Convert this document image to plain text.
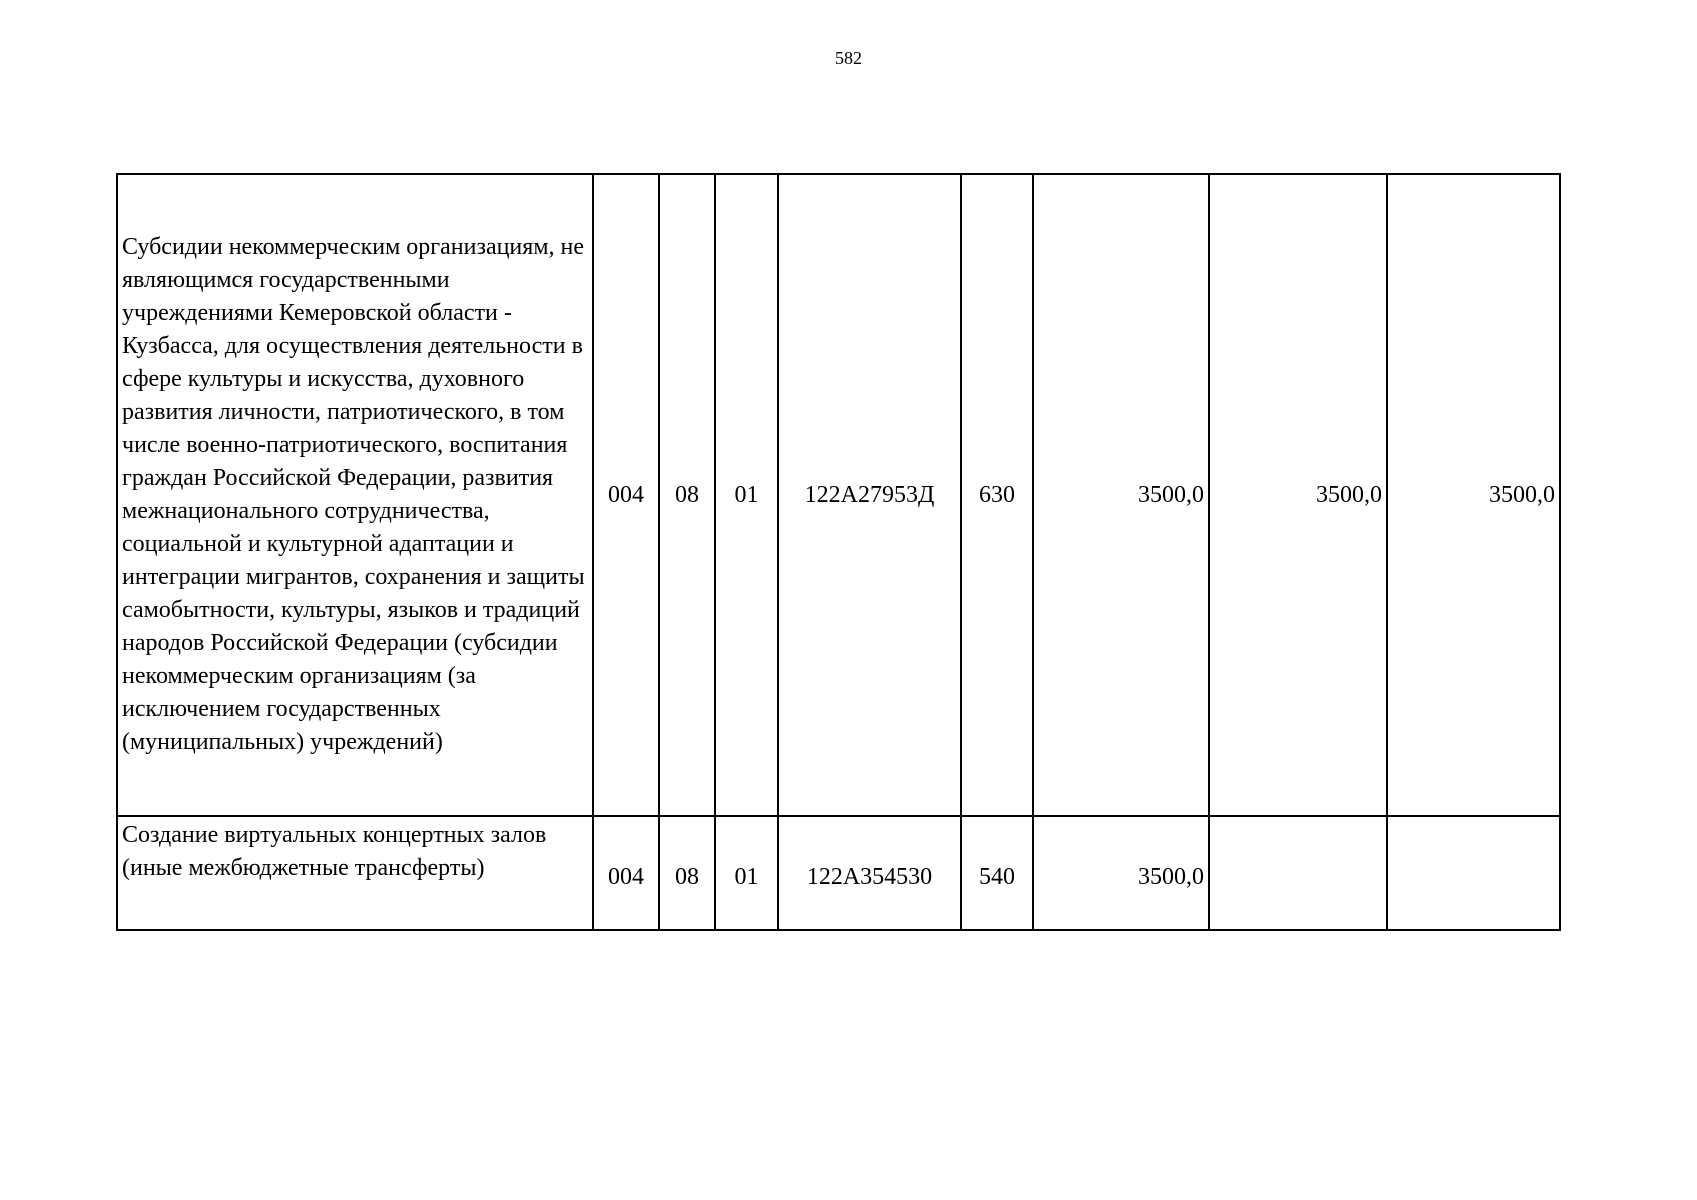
582
Субсидии некоммерческим организациям, не являющимся государственными учреждениями Кемеровской области - Кузбасса, для осуществления деятельности в сфере культуры и искусства, духовного развития личности, патриотического, в том числе военно-патриотического, воспитания граждан Российской Федерации, развития межнационального сотрудничества, социальной и культурной адаптации и интеграции мигрантов, сохранения и защиты самобытности, культуры, языков и традиций народов Российской Федерации (субсидии некоммерческим организациям (за исключением государственных (муниципальных) учреждений)	004	08	01	122А27953Д	630	3500,0	3500,0	3500,0
Создание виртуальных концертных залов (иные межбюджетные трансферты)	004	08	01	122А354530	540	3500,0		
